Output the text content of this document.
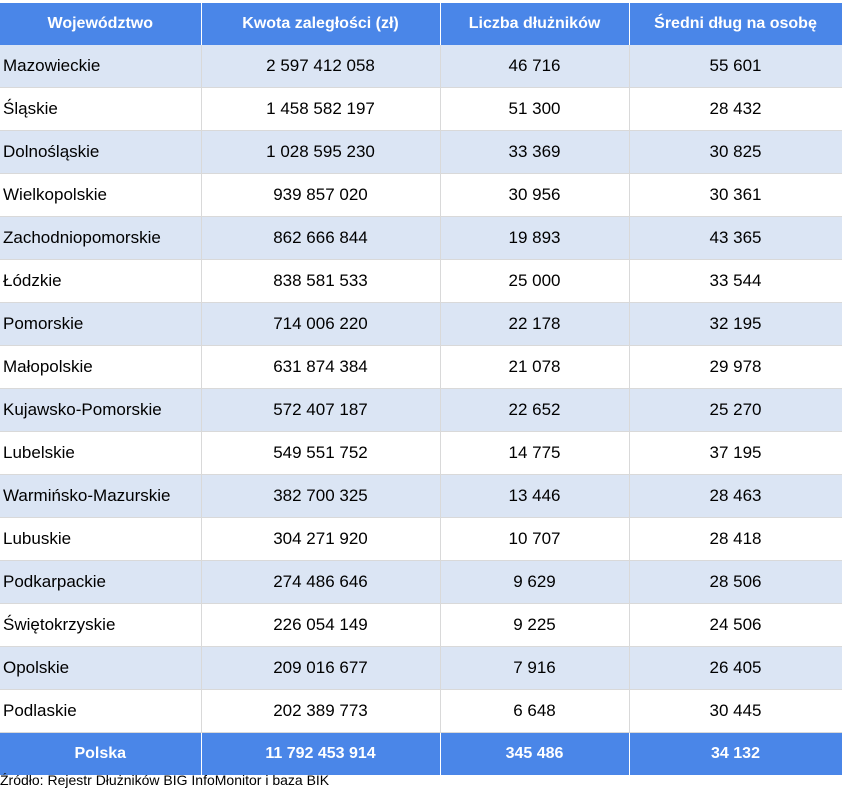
Województwo	Kwota zaległości (zł)	Liczba dłużników	Średni dług na osobę
Mazowieckie	2 597 412 058	46 716	55 601
Śląskie	1 458 582 197	51 300	28 432
Dolnośląskie	1 028 595 230	33 369	30 825
Wielkopolskie	939 857 020	30 956	30 361
Zachodniopomorskie	862 666 844	19 893	43 365
Łódzkie	838 581 533	25 000	33 544
Pomorskie	714 006 220	22 178	32 195
Małopolskie	631 874 384	21 078	29 978
Kujawsko-Pomorskie	572 407 187	22 652	25 270
Lubelskie	549 551 752	14 775	37 195
Warmińsko-Mazurskie	382 700 325	13 446	28 463
Lubuskie	304 271 920	10 707	28 418
Podkarpackie	274 486 646	9 629	28 506
Świętokrzyskie	226 054 149	9 225	24 506
Opolskie	209 016 677	7 916	26 405
Podlaskie	202 389 773	6 648	30 445
Polska	11 792 453 914	345 486	34 132
Źródło: Rejestr Dłużników BIG InfoMonitor i baza BIK
